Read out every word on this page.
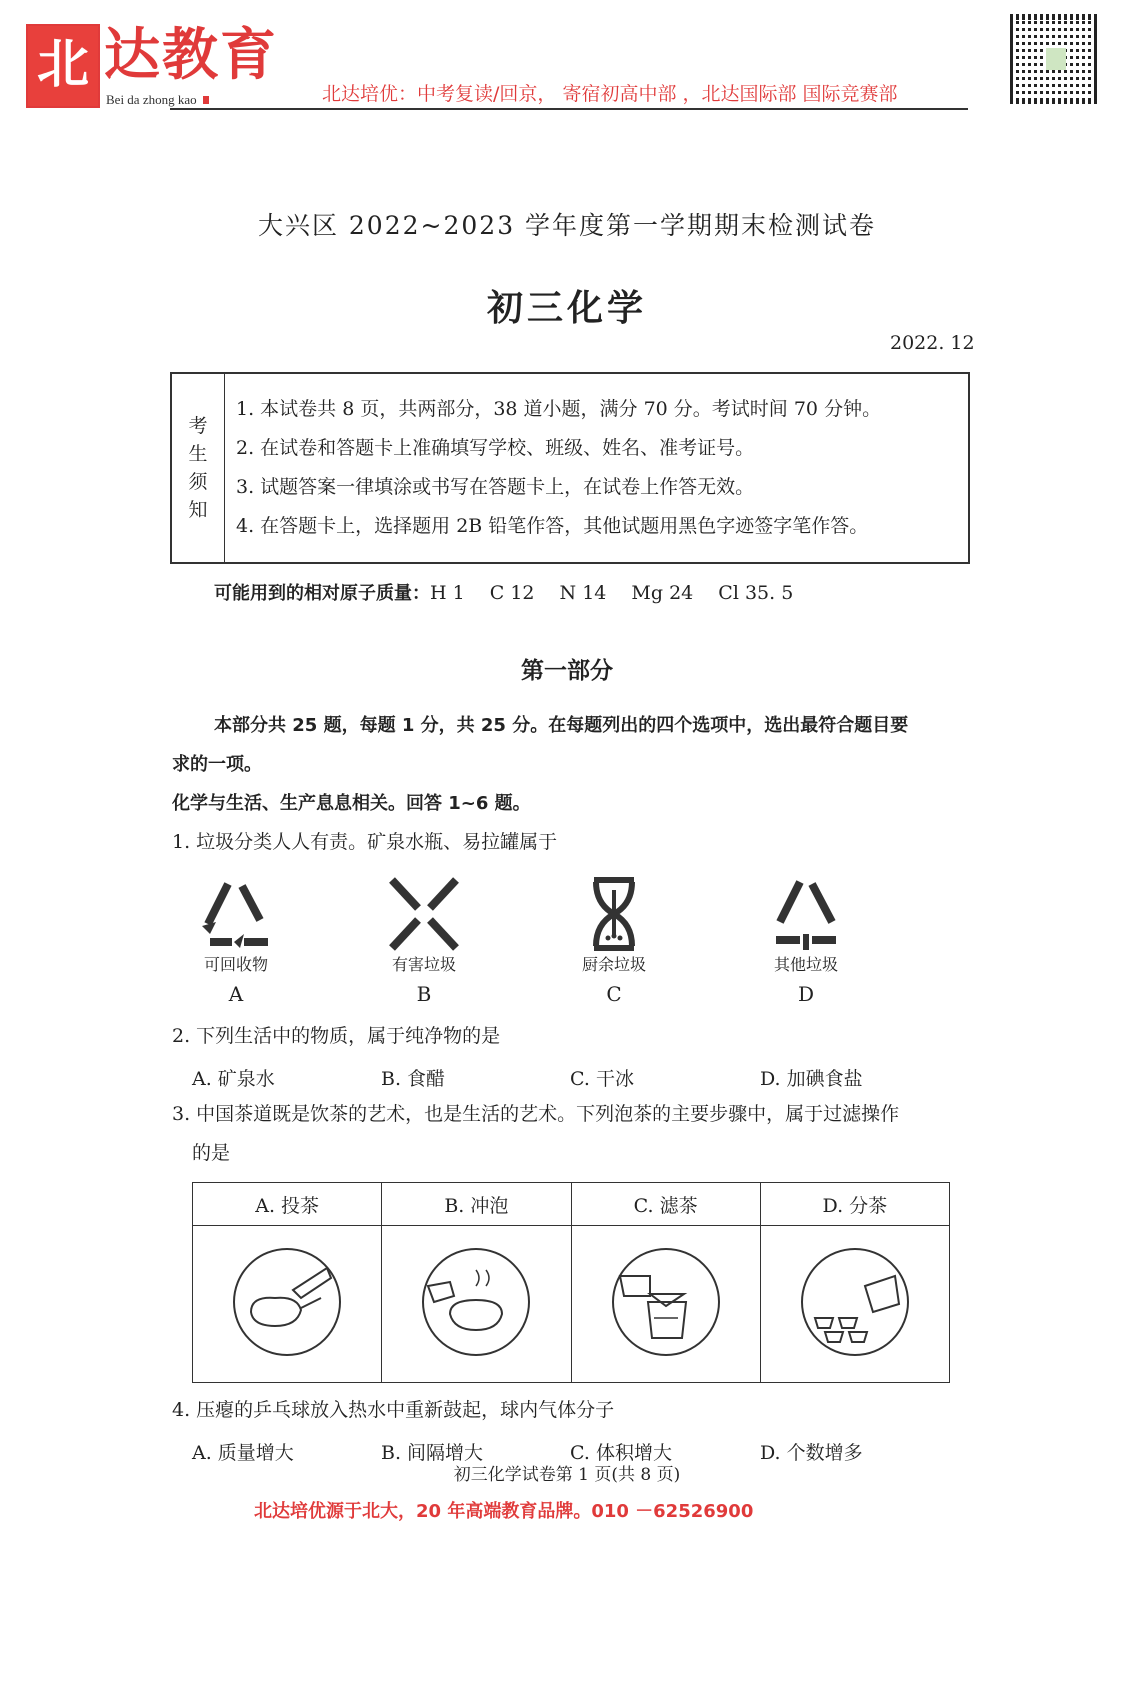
北 达教育
Bei da zhong kao	北达培优：中考复读/回京， 寄宿初高中部 ，北达国际部 国际竞赛部
大兴区 2022~2023 学年度第一学期期末检测试卷
初三化学
2022. 12
考
生
须
知
1. 本试卷共 8 页，共两部分，38 道小题，满分 70 分。考试时间 70 分钟。
2. 在试卷和答题卡上准确填写学校、班级、姓名、准考证号。
3. 试题答案一律填涂或书写在答题卡上，在试卷上作答无效。
4. 在答题卡上，选择题用 2B 铅笔作答，其他试题用黑色字迹签字笔作答。
可能用到的相对原子质量：H 1　 C 12　 N 14　 Mg 24　 Cl 35. 5
第一部分
本部分共 25 题，每题 1 分，共 25 分。在每题列出的四个选项中，选出最符合题目要
求的一项。
化学与生活、生产息息相关。回答 1~6 题。
1. 垃圾分类人人有责。矿泉水瓶、易拉罐属于
可回收物	有害垃圾	厨余垃圾	其他垃圾
A	B	C	D
2. 下列生活中的物质，属于纯净物的是
A. 矿泉水	B. 食醋	C. 干冰	D. 加碘食盐
3. 中国茶道既是饮茶的艺术，也是生活的艺术。下列泡茶的主要步骤中，属于过滤操作
的是
A. 投茶	B. 冲泡	C. 滤茶	D. 分茶

4. 压瘪的乒乓球放入热水中重新鼓起，球内气体分子
A. 质量增大	B. 间隔增大	C. 体积增大	D. 个数增多
初三化学试卷第 1 页(共 8 页)
北达培优源于北大，20 年高端教育品牌。010 －62526900
